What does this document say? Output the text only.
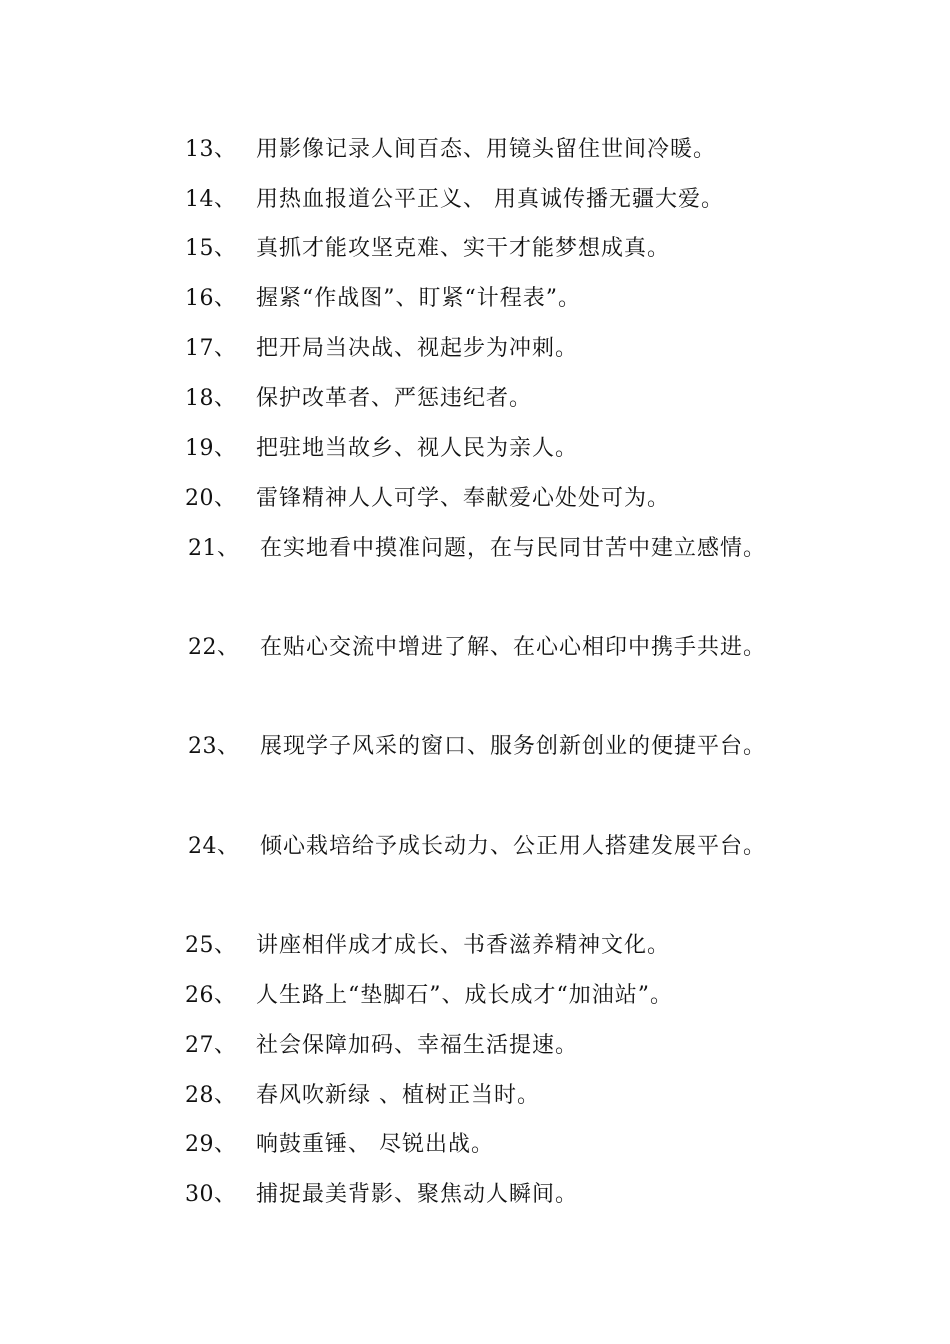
13、 用影像记录人间百态、用镜头留住世间冷暖。
14、 用热血报道公平正义、 用真诚传播无疆大爱。
15、 真抓才能攻坚克难、实干才能梦想成真。
16、 握紧“作战图”、盯紧“计程表”。
17、 把开局当决战、视起步为冲刺。
18、 保护改革者、严惩违纪者。
19、 把驻地当故乡、视人民为亲人。
20、 雷锋精神人人可学、奉献爱心处处可为。
21、 在实地看中摸准问题，在与民同甘苦中建立感情。
22、 在贴心交流中增进了解、在心心相印中携手共进。
23、 展现学子风采的窗口、服务创新创业的便捷平台。
24、 倾心栽培给予成长动力、公正用人搭建发展平台。
25、 讲座相伴成才成长、书香滋养精神文化。
26、 人生路上“垫脚石”、成长成才“加油站”。
27、 社会保障加码、幸福生活提速。
28、 春风吹新绿 、植树正当时。
29、 响鼓重锤、 尽锐出战。
30、 捕捉最美背影、聚焦动人瞬间。
